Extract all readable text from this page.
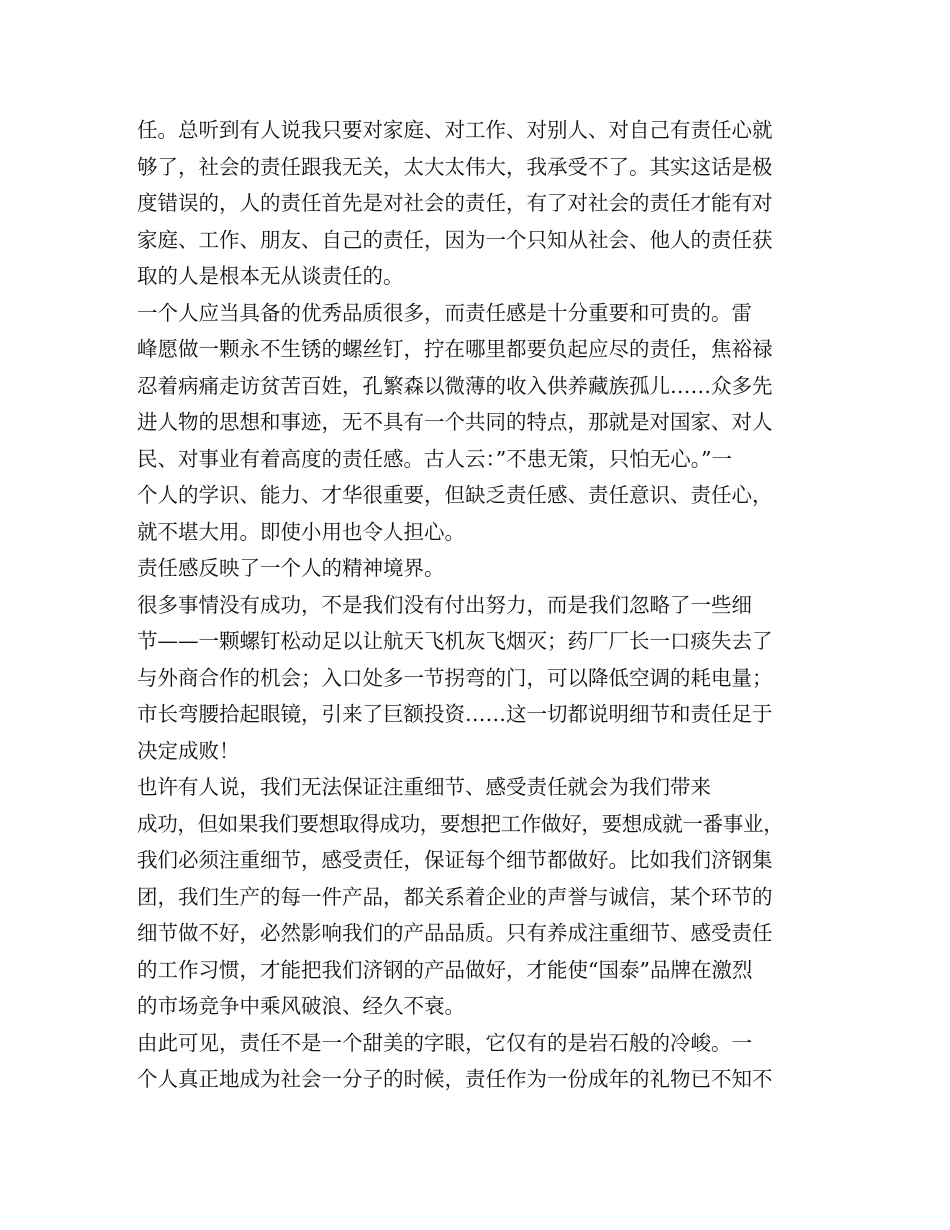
任。总听到有人说我只要对家庭、对工作、对别人、对自己有责任心就
够了，社会的责任跟我无关，太大太伟大，我承受不了。其实这话是极
度错误的，人的责任首先是对社会的责任，有了对社会的责任才能有对
家庭、工作、朋友、自己的责任，因为一个只知从社会、他人的责任获
取的人是根本无从谈责任的。
一个人应当具备的优秀品质很多，而责任感是十分重要和可贵的。雷
峰愿做一颗永不生锈的螺丝钉，拧在哪里都要负起应尽的责任，焦裕禄
忍着病痛走访贫苦百姓，孔繁森以微薄的收入供养藏族孤儿……众多先
进人物的思想和事迹，无不具有一个共同的特点，那就是对国家、对人
民、对事业有着高度的责任感。古人云：”不患无策，只怕无心。”一
个人的学识、能力、才华很重要，但缺乏责任感、责任意识、责任心，
就不堪大用。即使小用也令人担心。
责任感反映了一个人的精神境界。
很多事情没有成功，不是我们没有付出努力，而是我们忽略了一些细
节——一颗螺钉松动足以让航天飞机灰飞烟灭；药厂厂长一口痰失去了
与外商合作的机会；入口处多一节拐弯的门，可以降低空调的耗电量；
市长弯腰拾起眼镜，引来了巨额投资……这一切都说明细节和责任足于
决定成败！
也许有人说，我们无法保证注重细节、感受责任就会为我们带来
成功，但如果我们要想取得成功，要想把工作做好，要想成就一番事业，
我们必须注重细节，感受责任，保证每个细节都做好。比如我们济钢集
团，我们生产的每一件产品，都关系着企业的声誉与诚信，某个环节的
细节做不好，必然影响我们的产品品质。只有养成注重细节、感受责任
的工作习惯，才能把我们济钢的产品做好，才能使“国泰”品牌在激烈
的市场竞争中乘风破浪、经久不衰。
由此可见，责任不是一个甜美的字眼，它仅有的是岩石般的冷峻。一
个人真正地成为社会一分子的时候，责任作为一份成年的礼物已不知不
